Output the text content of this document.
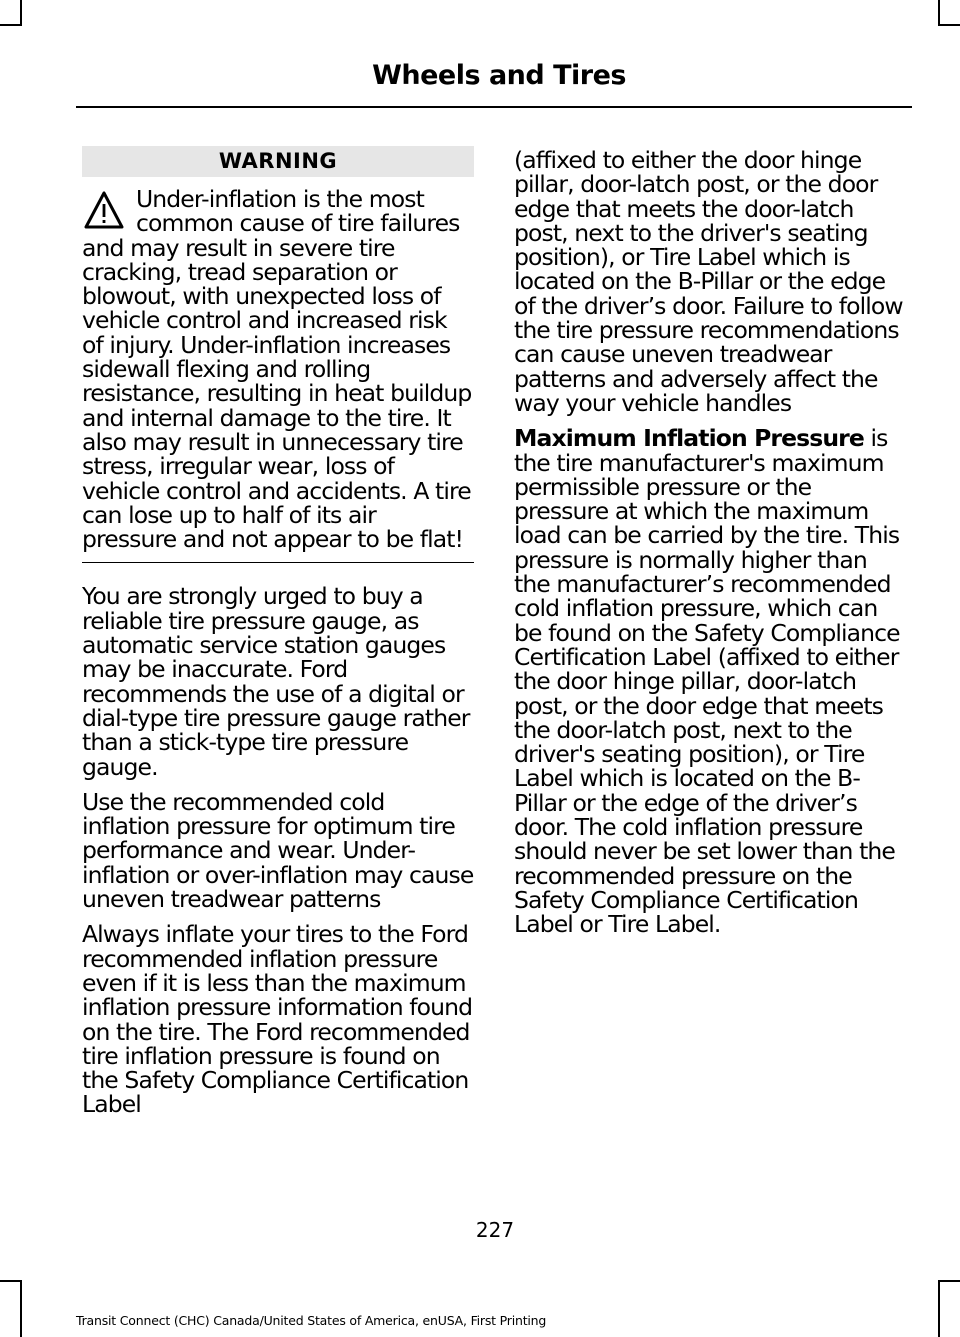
Wheels and Tires
WARNING
Under-inflation is the most common cause of tire failures and may result in severe tire cracking, tread separation or blowout, with unexpected loss of vehicle control and increased risk of injury. Under-inflation increases sidewall flexing and rolling resistance, resulting in heat buildup and internal damage to the tire. It also may result in unnecessary tire stress, irregular wear, loss of vehicle control and accidents. A tire can lose up to half of its air pressure and not appear to be flat!

You are strongly urged to buy a reliable tire pressure gauge, as automatic service station gauges may be inaccurate. Ford recommends the use of a digital or dial-type tire pressure gauge rather than a stick-type tire pressure gauge.

Use the recommended cold inflation pressure for optimum tire performance and wear. Under-inflation or over-inflation may cause uneven treadwear patterns

Always inflate your tires to the Ford recommended inflation pressure even if it is less than the maximum inflation pressure information found on the tire. The Ford recommended tire inflation pressure is found on the Safety Compliance Certification Label

(affixed to either the door hinge pillar, door-latch post, or the door edge that meets the door-latch post, next to the driver's seating position), or Tire Label which is located on the B-Pillar or the edge of the driver’s door. Failure to follow the tire pressure recommendations can cause uneven treadwear patterns and adversely affect the way your vehicle handles

Maximum Inflation Pressure is the tire manufacturer's maximum permissible pressure or the pressure at which the maximum load can be carried by the tire. This pressure is normally higher than the manufacturer’s recommended cold inflation pressure, which can be found on the Safety Compliance Certification Label (affixed to either the door hinge pillar, door-latch post, or the door edge that meets the door-latch post, next to the driver's seating position), or Tire Label which is located on the B-Pillar or the edge of the driver’s door. The cold inflation pressure should never be set lower than the recommended pressure on the Safety Compliance Certification Label or Tire Label.

227
Transit Connect (CHC) Canada/United States of America, enUSA, First Printing
